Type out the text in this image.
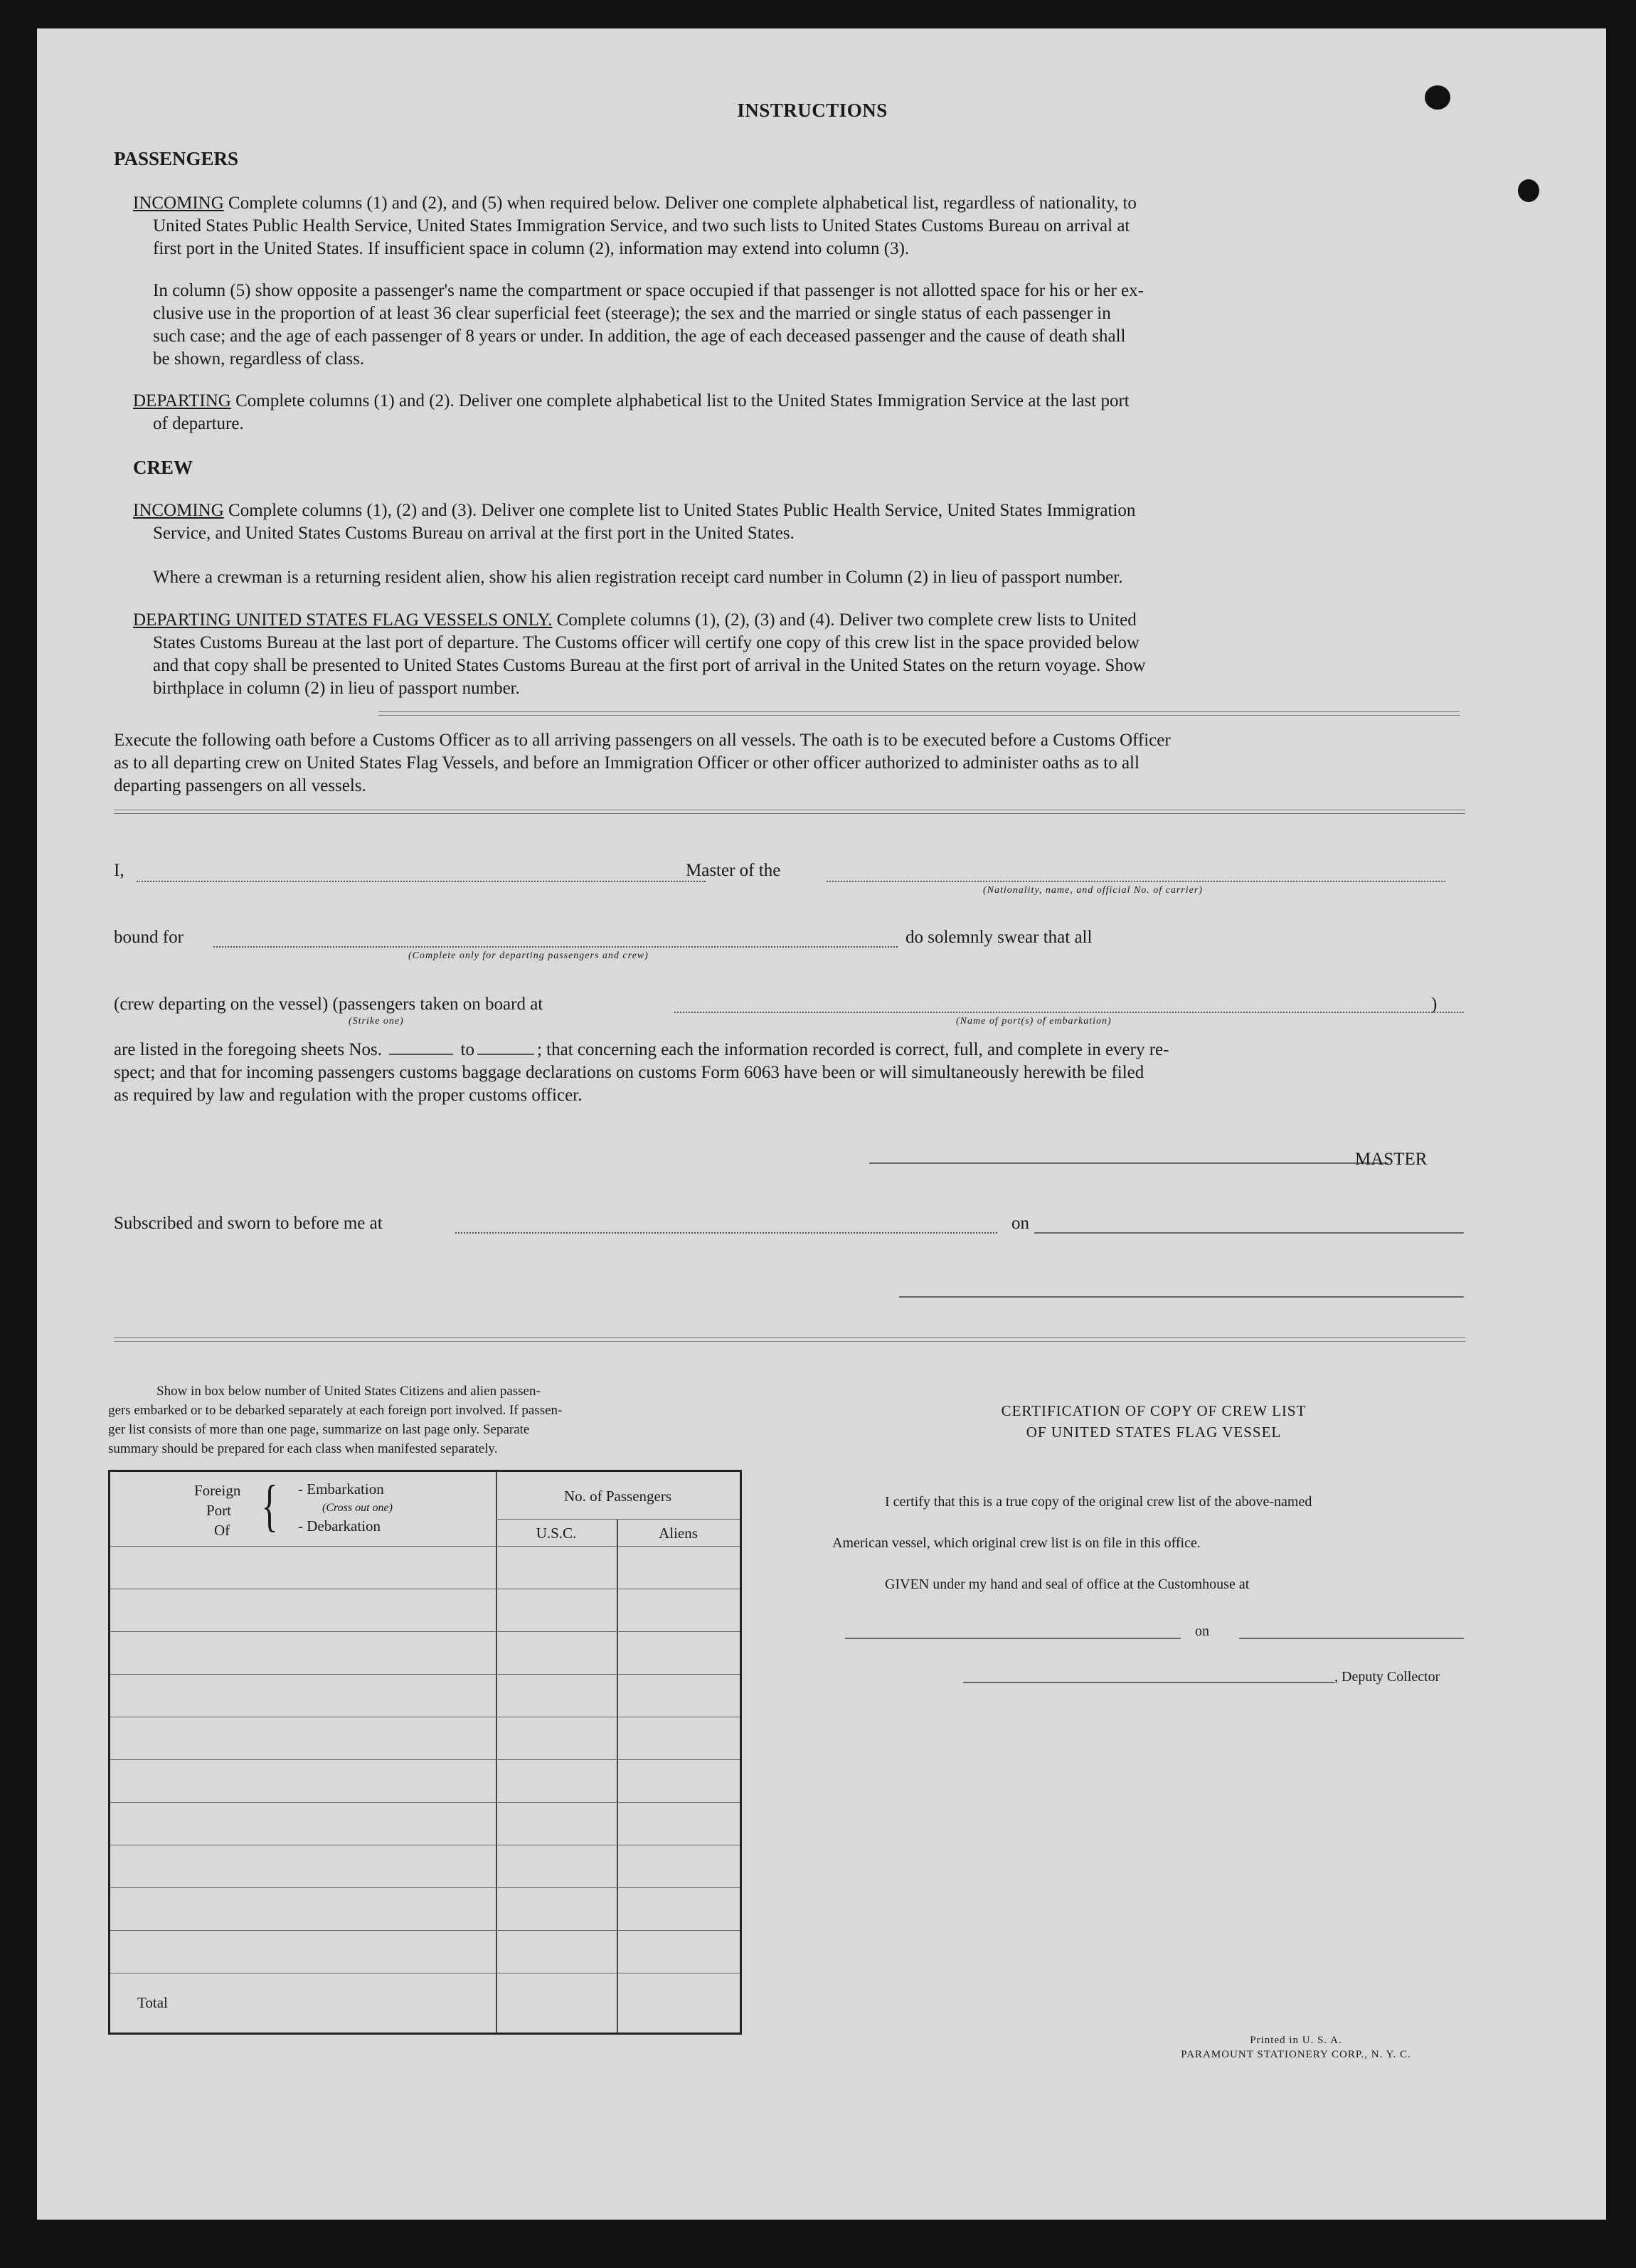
INSTRUCTIONS
PASSENGERS
INCOMING Complete columns (1) and (2), and (5) when required below. Deliver one complete alphabetical list, regardless of nationality, to
United States Public Health Service, United States Immigration Service, and two such lists to United States Customs Bureau on arrival at
first port in the United States. If insufficient space in column (2), information may extend into column (3).
In column (5) show opposite a passenger's name the compartment or space occupied if that passenger is not allotted space for his or her ex-
clusive use in the proportion of at least 36 clear superficial feet (steerage); the sex and the married or single status of each passenger in
such case; and the age of each passenger of 8 years or under. In addition, the age of each deceased passenger and the cause of death shall
be shown, regardless of class.
DEPARTING Complete columns (1) and (2). Deliver one complete alphabetical list to the United States Immigration Service at the last port
of departure.
CREW
INCOMING Complete columns (1), (2) and (3). Deliver one complete list to United States Public Health Service, United States Immigration
Service, and United States Customs Bureau on arrival at the first port in the United States.
Where a crewman is a returning resident alien, show his alien registration receipt card number in Column (2) in lieu of passport number.
DEPARTING UNITED STATES FLAG VESSELS ONLY. Complete columns (1), (2), (3) and (4). Deliver two complete crew lists to United
States Customs Bureau at the last port of departure. The Customs officer will certify one copy of this crew list in the space provided below
and that copy shall be presented to United States Customs Bureau at the first port of arrival in the United States on the return voyage. Show
birthplace in column (2) in lieu of passport number.
Execute the following oath before a Customs Officer as to all arriving passengers on all vessels. The oath is to be executed before a Customs Officer
as to all departing crew on United States Flag Vessels, and before an Immigration Officer or other officer authorized to administer oaths as to all
departing passengers on all vessels.
I,	Master of the
(Nationality, name, and official No. of carrier)
bound for
(Complete only for departing passengers and crew)
do solemnly swear that all
(crew departing on the vessel) (passengers taken on board at
(Strike one)	(Name of port(s) of embarkation)
)
are listed in the foregoing sheets Nos.	to	; that concerning each the information recorded is correct, full, and complete in every re-
spect; and that for incoming passengers customs baggage declarations on customs Form 6063 have been or will simultaneously herewith be filed
as required by law and regulation with the proper customs officer.
MASTER
Subscribed and sworn to before me at	on
Show in box below number of United States Citizens and alien passen-
gers embarked or to be debarked separately at each foreign port involved. If passen-
ger list consists of more than one page, summarize on last page only. Separate
summary should be prepared for each class when manifested separately.
Foreign
Port
Of { - Embarkation
(Cross out one)
- Debarkation
No. of Passengers
U.S.C.	Aliens
Total
CERTIFICATION OF COPY OF CREW LIST
OF UNITED STATES FLAG VESSEL
I certify that this is a true copy of the original crew list of the above-named
American vessel, which original crew list is on file in this office.
GIVEN under my hand and seal of office at the Customhouse at
on
, Deputy Collector
Printed in U. S. A.
PARAMOUNT STATIONERY CORP., N. Y. C.
